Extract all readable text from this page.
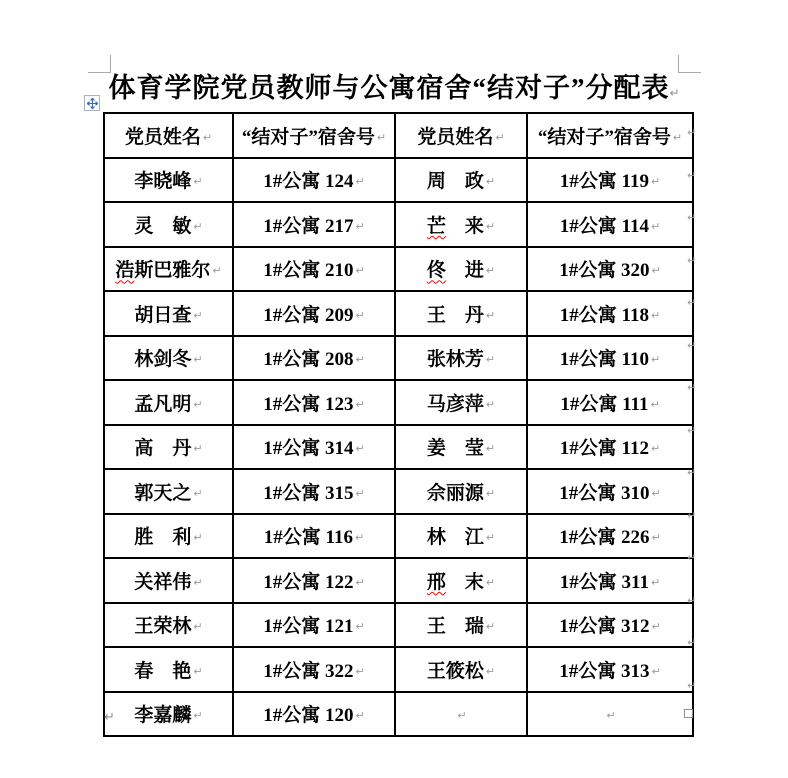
体育学院党员教师与公寓宿舍“结对子”分配表↵
党员姓名 ↵	“结对子”宿舍号 ↵	党员姓名 ↵	“结对子”宿舍号 ↵

李晓峰 ↵	1#公寓 124 ↵	周　政 ↵	1#公寓 119 ↵

灵　敏 ↵	1#公寓 217 ↵	芒　来 ↵	1#公寓 114 ↵

浩斯巴雅尔 ↵	1#公寓 210 ↵	佟　进 ↵	1#公寓 320 ↵

胡日查 ↵	1#公寓 209 ↵	王　丹 ↵	1#公寓 118 ↵

林剑冬 ↵	1#公寓 208 ↵	张林芳 ↵	1#公寓 110 ↵

孟凡明 ↵	1#公寓 123 ↵	马彦萍 ↵	1#公寓 111 ↵

高　丹 ↵	1#公寓 314 ↵	姜　莹 ↵	1#公寓 112 ↵

郭天之 ↵	1#公寓 315 ↵	佘丽源 ↵	1#公寓 310 ↵

胜　利 ↵	1#公寓 116 ↵	林　江 ↵	1#公寓 226 ↵

关祥伟 ↵	1#公寓 122 ↵	邢　末 ↵	1#公寓 311 ↵

王荣林 ↵	1#公寓 121 ↵	王　瑞 ↵	1#公寓 312 ↵

春　艳 ↵	1#公寓 322 ↵	王筱松 ↵	1#公寓 313 ↵

李嘉麟 ↵	1#公寓 120 ↵	↵	↵
↵
↵
↵
↵
↵
↵
↵
↵
↵
↵
↵
↵
↵
↵
↵
